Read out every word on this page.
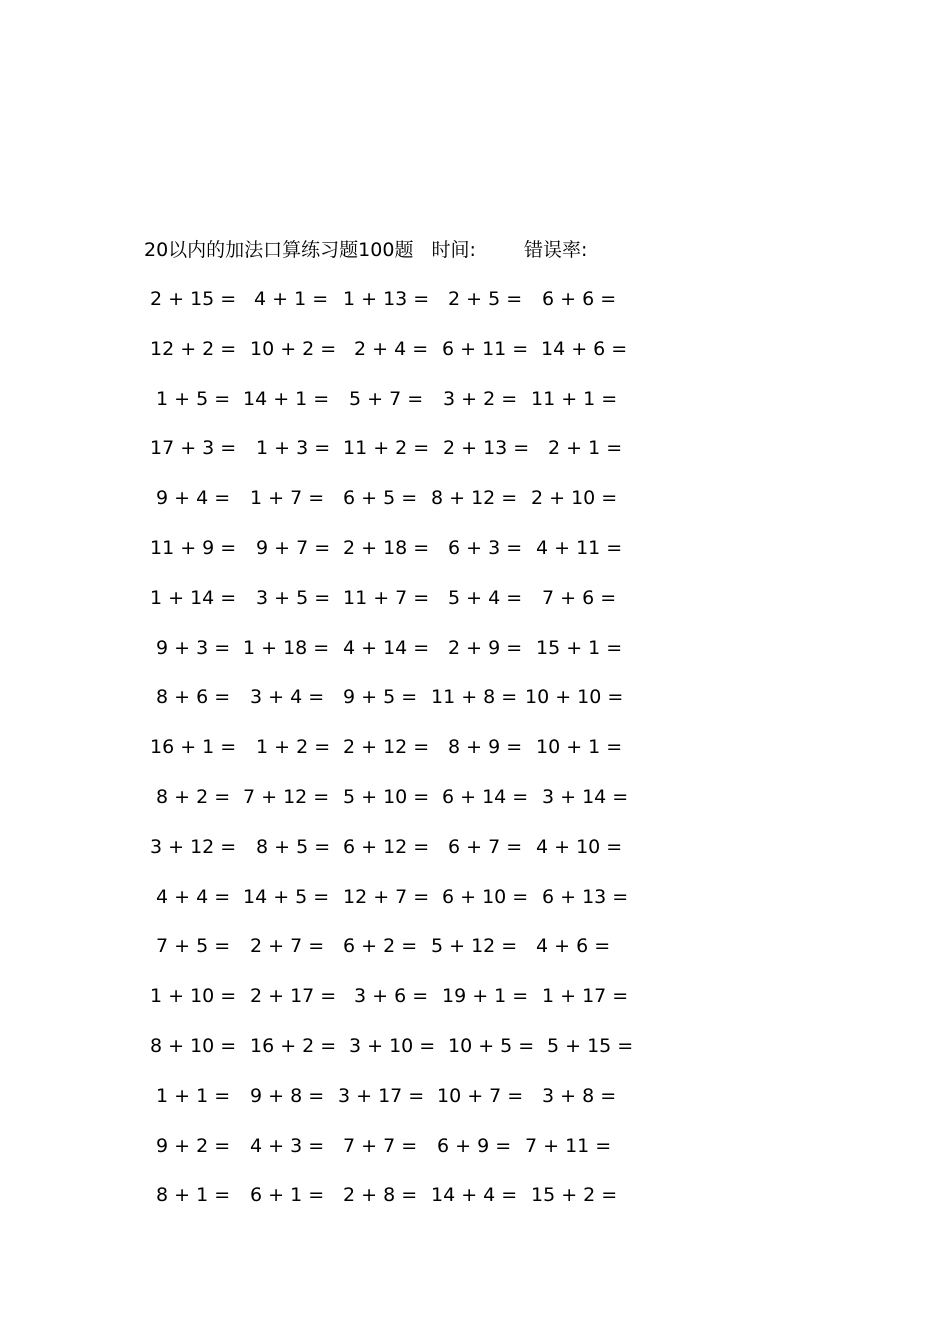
20以内的加法口算练习题100题 时间:	错误率:
2 + 15 = 4 + 1 = 1 + 13 = 2 + 5 = 6 + 6 =
12 + 2 = 10 + 2 = 2 + 4 = 6 + 11 = 14 + 6 =
1 + 5 = 14 + 1 = 5 + 7 = 3 + 2 = 11 + 1 =
17 + 3 = 1 + 3 = 11 + 2 = 2 + 13 = 2 + 1 =
9 + 4 = 1 + 7 = 6 + 5 = 8 + 12 = 2 + 10 =
11 + 9 = 9 + 7 = 2 + 18 = 6 + 3 = 4 + 11 =
1 + 14 = 3 + 5 = 11 + 7 = 5 + 4 = 7 + 6 =
9 + 3 = 1 + 18 = 4 + 14 = 2 + 9 = 15 + 1 =
8 + 6 = 3 + 4 = 9 + 5 = 11 + 8 = 10 + 10 =
16 + 1 = 1 + 2 = 2 + 12 = 8 + 9 = 10 + 1 =
8 + 2 = 7 + 12 = 5 + 10 = 6 + 14 = 3 + 14 =
3 + 12 = 8 + 5 = 6 + 12 = 6 + 7 = 4 + 10 =
4 + 4 = 14 + 5 = 12 + 7 = 6 + 10 = 6 + 13 =
7 + 5 = 2 + 7 = 6 + 2 = 5 + 12 = 4 + 6 =
1 + 10 = 2 + 17 = 3 + 6 = 19 + 1 = 1 + 17 =
8 + 10 = 16 + 2 = 3 + 10 = 10 + 5 = 5 + 15 =
1 + 1 = 9 + 8 = 3 + 17 = 10 + 7 = 3 + 8 =
9 + 2 = 4 + 3 = 7 + 7 = 6 + 9 = 7 + 11 =
8 + 1 = 6 + 1 = 2 + 8 = 14 + 4 = 15 + 2 =
